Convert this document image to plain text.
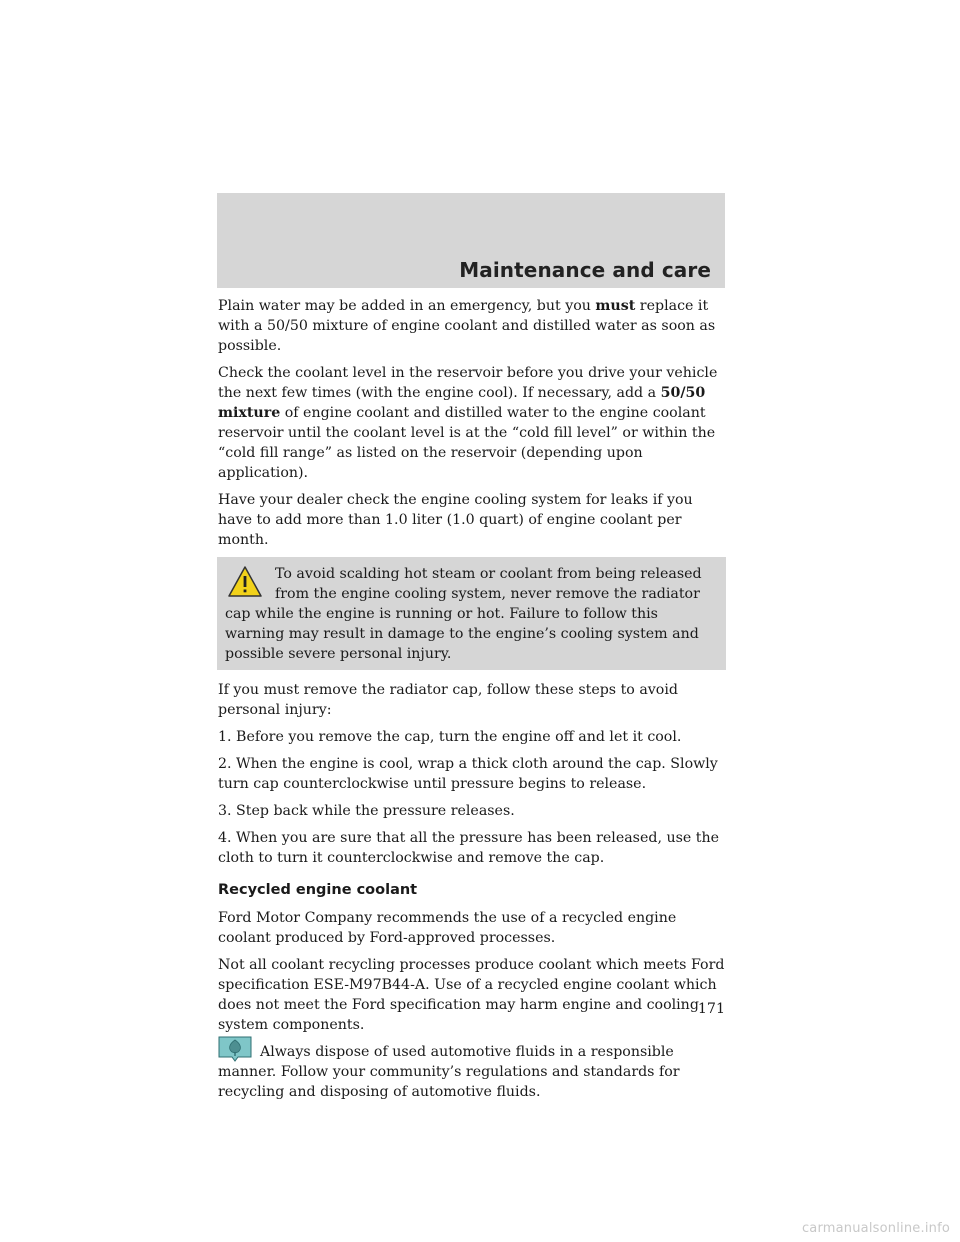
Maintenance and care

Plain water may be added in an emergency, but you must replace it with a 50/50 mixture of engine coolant and distilled water as soon as possible.

Check the coolant level in the reservoir before you drive your vehicle the next few times (with the engine cool). If necessary, add a 50/50 mixture of engine coolant and distilled water to the engine coolant reservoir until the coolant level is at the “cold fill level” or within the “cold fill range” as listed on the reservoir (depending upon application).

Have your dealer check the engine cooling system for leaks if you have to add more than 1.0 liter (1.0 quart) of engine coolant per month.

To avoid scalding hot steam or coolant from being released from the engine cooling system, never remove the radiator cap while the engine is running or hot. Failure to follow this warning may result in damage to the engine’s cooling system and possible severe personal injury.

If you must remove the radiator cap, follow these steps to avoid personal injury:

1. Before you remove the cap, turn the engine off and let it cool.

2. When the engine is cool, wrap a thick cloth around the cap. Slowly turn cap counterclockwise until pressure begins to release.

3. Step back while the pressure releases.

4. When you are sure that all the pressure has been released, use the cloth to turn it counterclockwise and remove the cap.

Recycled engine coolant

Ford Motor Company recommends the use of a recycled engine coolant produced by Ford-approved processes.

Not all coolant recycling processes produce coolant which meets Ford specification ESE-M97B44-A. Use of a recycled engine coolant which does not meet the Ford specification may harm engine and cooling system components.

Always dispose of used automotive fluids in a responsible manner. Follow your community’s regulations and standards for recycling and disposing of automotive fluids.

171

carmanualsonline.info
